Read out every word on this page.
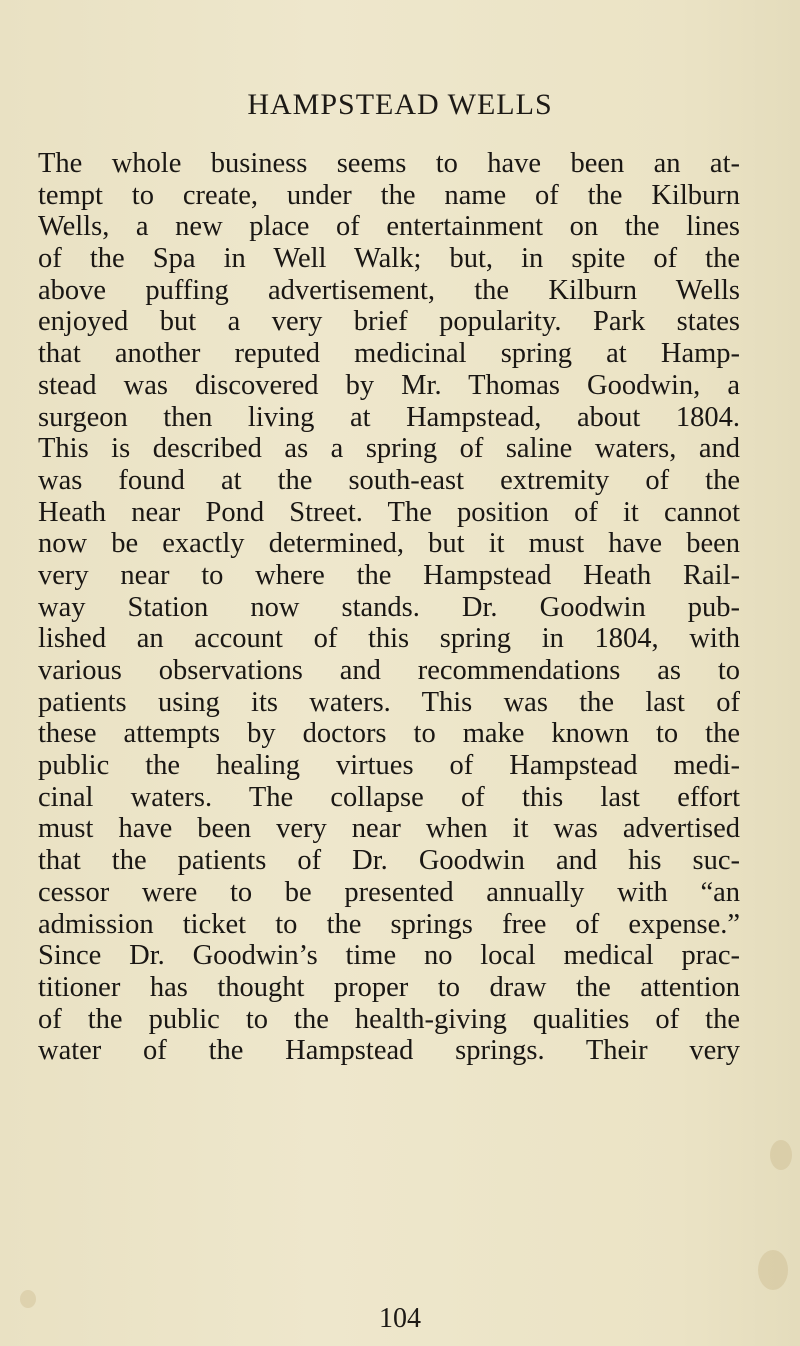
HAMPSTEAD WELLS
The whole business seems to have been an at-
tempt to create, under the name of the Kilburn
Wells, a new place of entertainment on the lines
of the Spa in Well Walk; but, in spite of the
above puffing advertisement, the Kilburn Wells
enjoyed but a very brief popularity. Park states
that another reputed medicinal spring at Hamp-
stead was discovered by Mr. Thomas Goodwin, a
surgeon then living at Hampstead, about 1804.
This is described as a spring of saline waters, and
was found at the south-east extremity of the
Heath near Pond Street. The position of it cannot
now be exactly determined, but it must have been
very near to where the Hampstead Heath Rail-
way Station now stands. Dr. Goodwin pub-
lished an account of this spring in 1804, with
various observations and recommendations as to
patients using its waters. This was the last of
these attempts by doctors to make known to the
public the healing virtues of Hampstead medi-
cinal waters. The collapse of this last effort
must have been very near when it was advertised
that the patients of Dr. Goodwin and his suc-
cessor were to be presented annually with “an
admission ticket to the springs free of expense.”
Since Dr. Goodwin’s time no local medical prac-
titioner has thought proper to draw the attention
of the public to the health-giving qualities of the
water of the Hampstead springs. Their very
104
